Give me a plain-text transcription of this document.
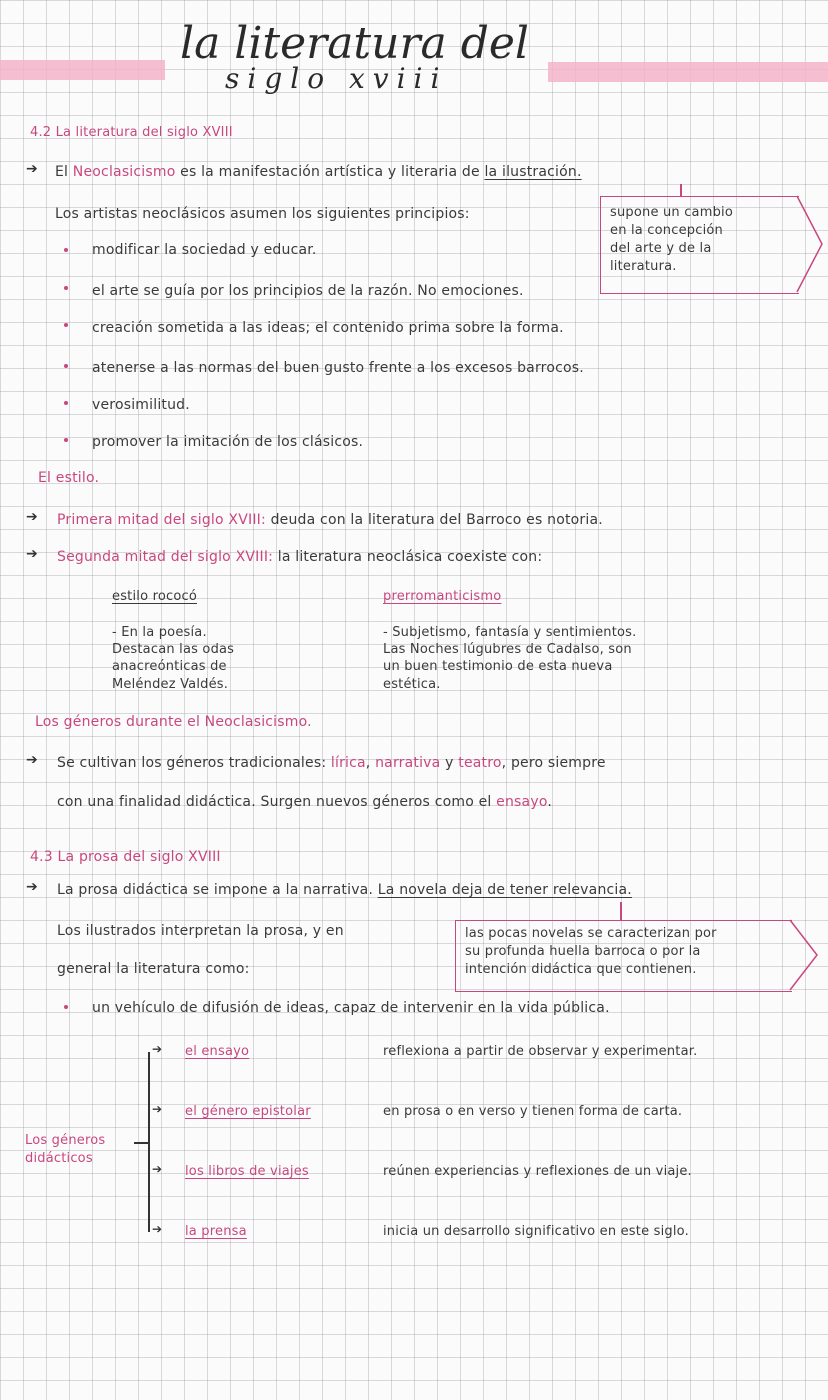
la literatura del
siglo xviii
4.2 La literatura del siglo XVIII
➔ El Neoclasicismo es la manifestación artística y literaria de la ilustración.
Los artistas neoclásicos asumen los siguientes principios:	supone un cambio
en la concepción
del arte y de la
literatura.
modificar la sociedad y educar.
el arte se guía por los principios de la razón. No emociones.
creación sometida a las ideas; el contenido prima sobre la forma.
atenerse a las normas del buen gusto frente a los excesos barrocos.
verosimilitud.
promover la imitación de los clásicos.
El estilo.
➔ Primera mitad del siglo XVIII: deuda con la literatura del Barroco es notoria.
➔ Segunda mitad del siglo XVIII: la literatura neoclásica coexiste con:
estilo rococó
- En la poesía.
Destacan las odas
anacreónticas de
Meléndez Valdés.
prerromanticismo
- Subjetismo, fantasía y sentimientos.
Las Noches lúgubres de Cadalso, son
un buen testimonio de esta nueva
estética.
Los géneros durante el Neoclasicismo.
➔ Se cultivan los géneros tradicionales: lírica, narrativa y teatro, pero siempre
con una finalidad didáctica. Surgen nuevos géneros como el ensayo.
4.3 La prosa del siglo XVIII
➔ La prosa didáctica se impone a la narrativa. La novela deja de tener relevancia.
Los ilustrados interpretan la prosa, y en
general la literatura como:
las pocas novelas se caracterizan por
su profunda huella barroca o por la
intención didáctica que contienen.
un vehículo de difusión de ideas, capaz de intervenir en la vida pública.
Los géneros
didácticos
➔
➔
➔
➔
el ensayo
el género epistolar
los libros de viajes
la prensa
reflexiona a partir de observar y experimentar.
en prosa o en verso y tienen forma de carta.
reúnen experiencias y reflexiones de un viaje.
inicia un desarrollo significativo en este siglo.
